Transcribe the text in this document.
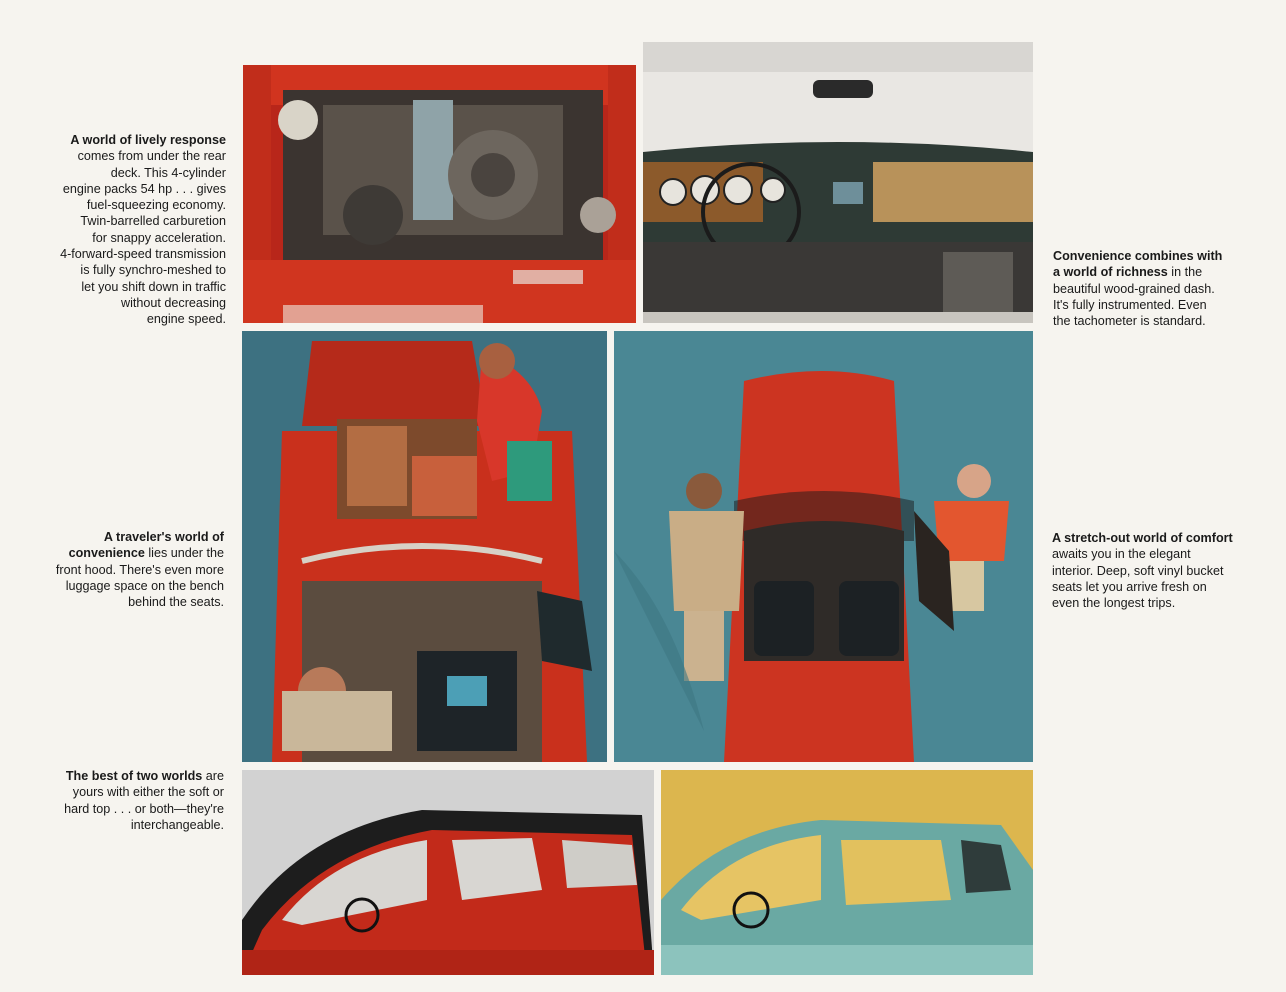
A world of lively response
comes from under the rear
deck. This 4-cylinder
engine packs 54 hp . . . gives
fuel-squeezing economy.
Twin-barrelled carburetion
for snappy acceleration.
4-forward-speed transmission
is fully synchro-meshed to
let you shift down in traffic
without decreasing
engine speed.
Convenience combines with
a world of richness in the
beautiful wood-grained dash.
It's fully instrumented. Even
the tachometer is standard.
A traveler's world of
convenience lies under the
front hood. There's even more
luggage space on the bench
behind the seats.
A stretch-out world of comfort
awaits you in the elegant
interior. Deep, soft vinyl bucket
seats let you arrive fresh on
even the longest trips.
The best of two worlds are
yours with either the soft or
hard top . . . or both—they're
interchangeable.
